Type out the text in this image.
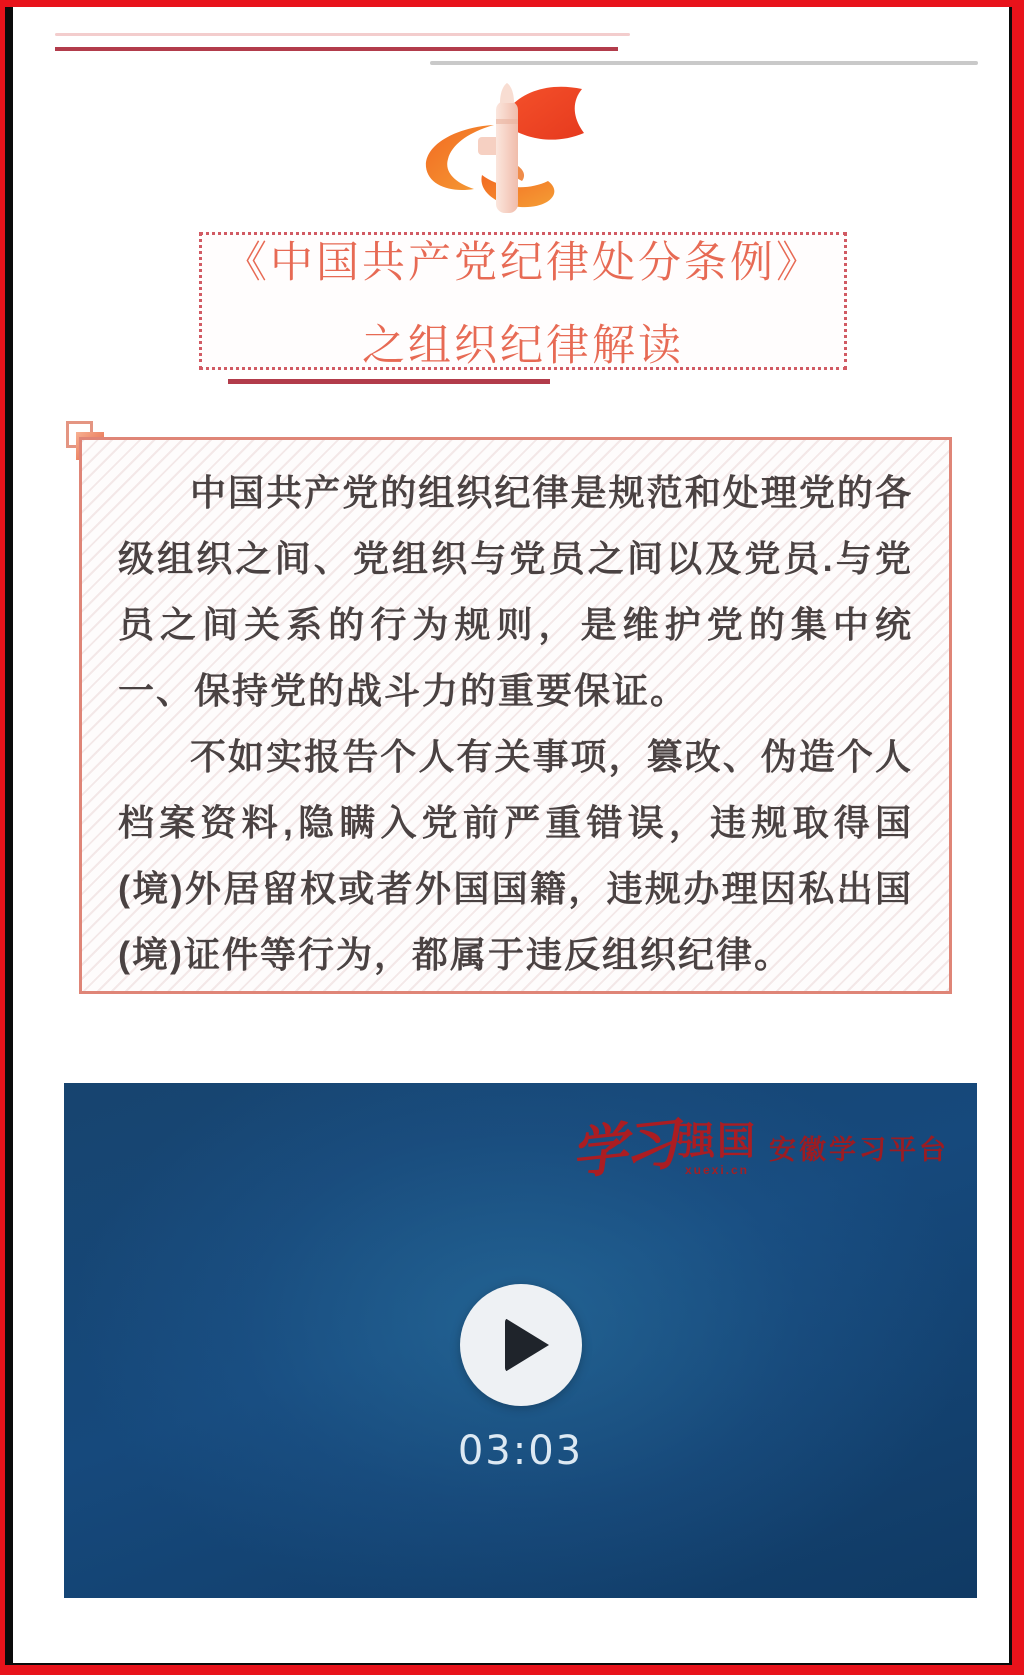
《中国共产党纪律处分条例》
之组织纪律解读

中国共产党的组织纪律是规范和处理党的各级组织之间、党组织与党员之间以及党员.与党员之间关系的行为规则，是维护党的集中统一、保持党的战斗力的重要保证。

不如实报告个人有关事项，篡改、伪造个人档案资料,隐瞒入党前严重错误，违规取得国(境)外居留权或者外国国籍，违规办理因私出国(境)证件等行为，都属于违反组织纪律。

学习 强国
xuexi.cn
安徽学习平台
03:03
